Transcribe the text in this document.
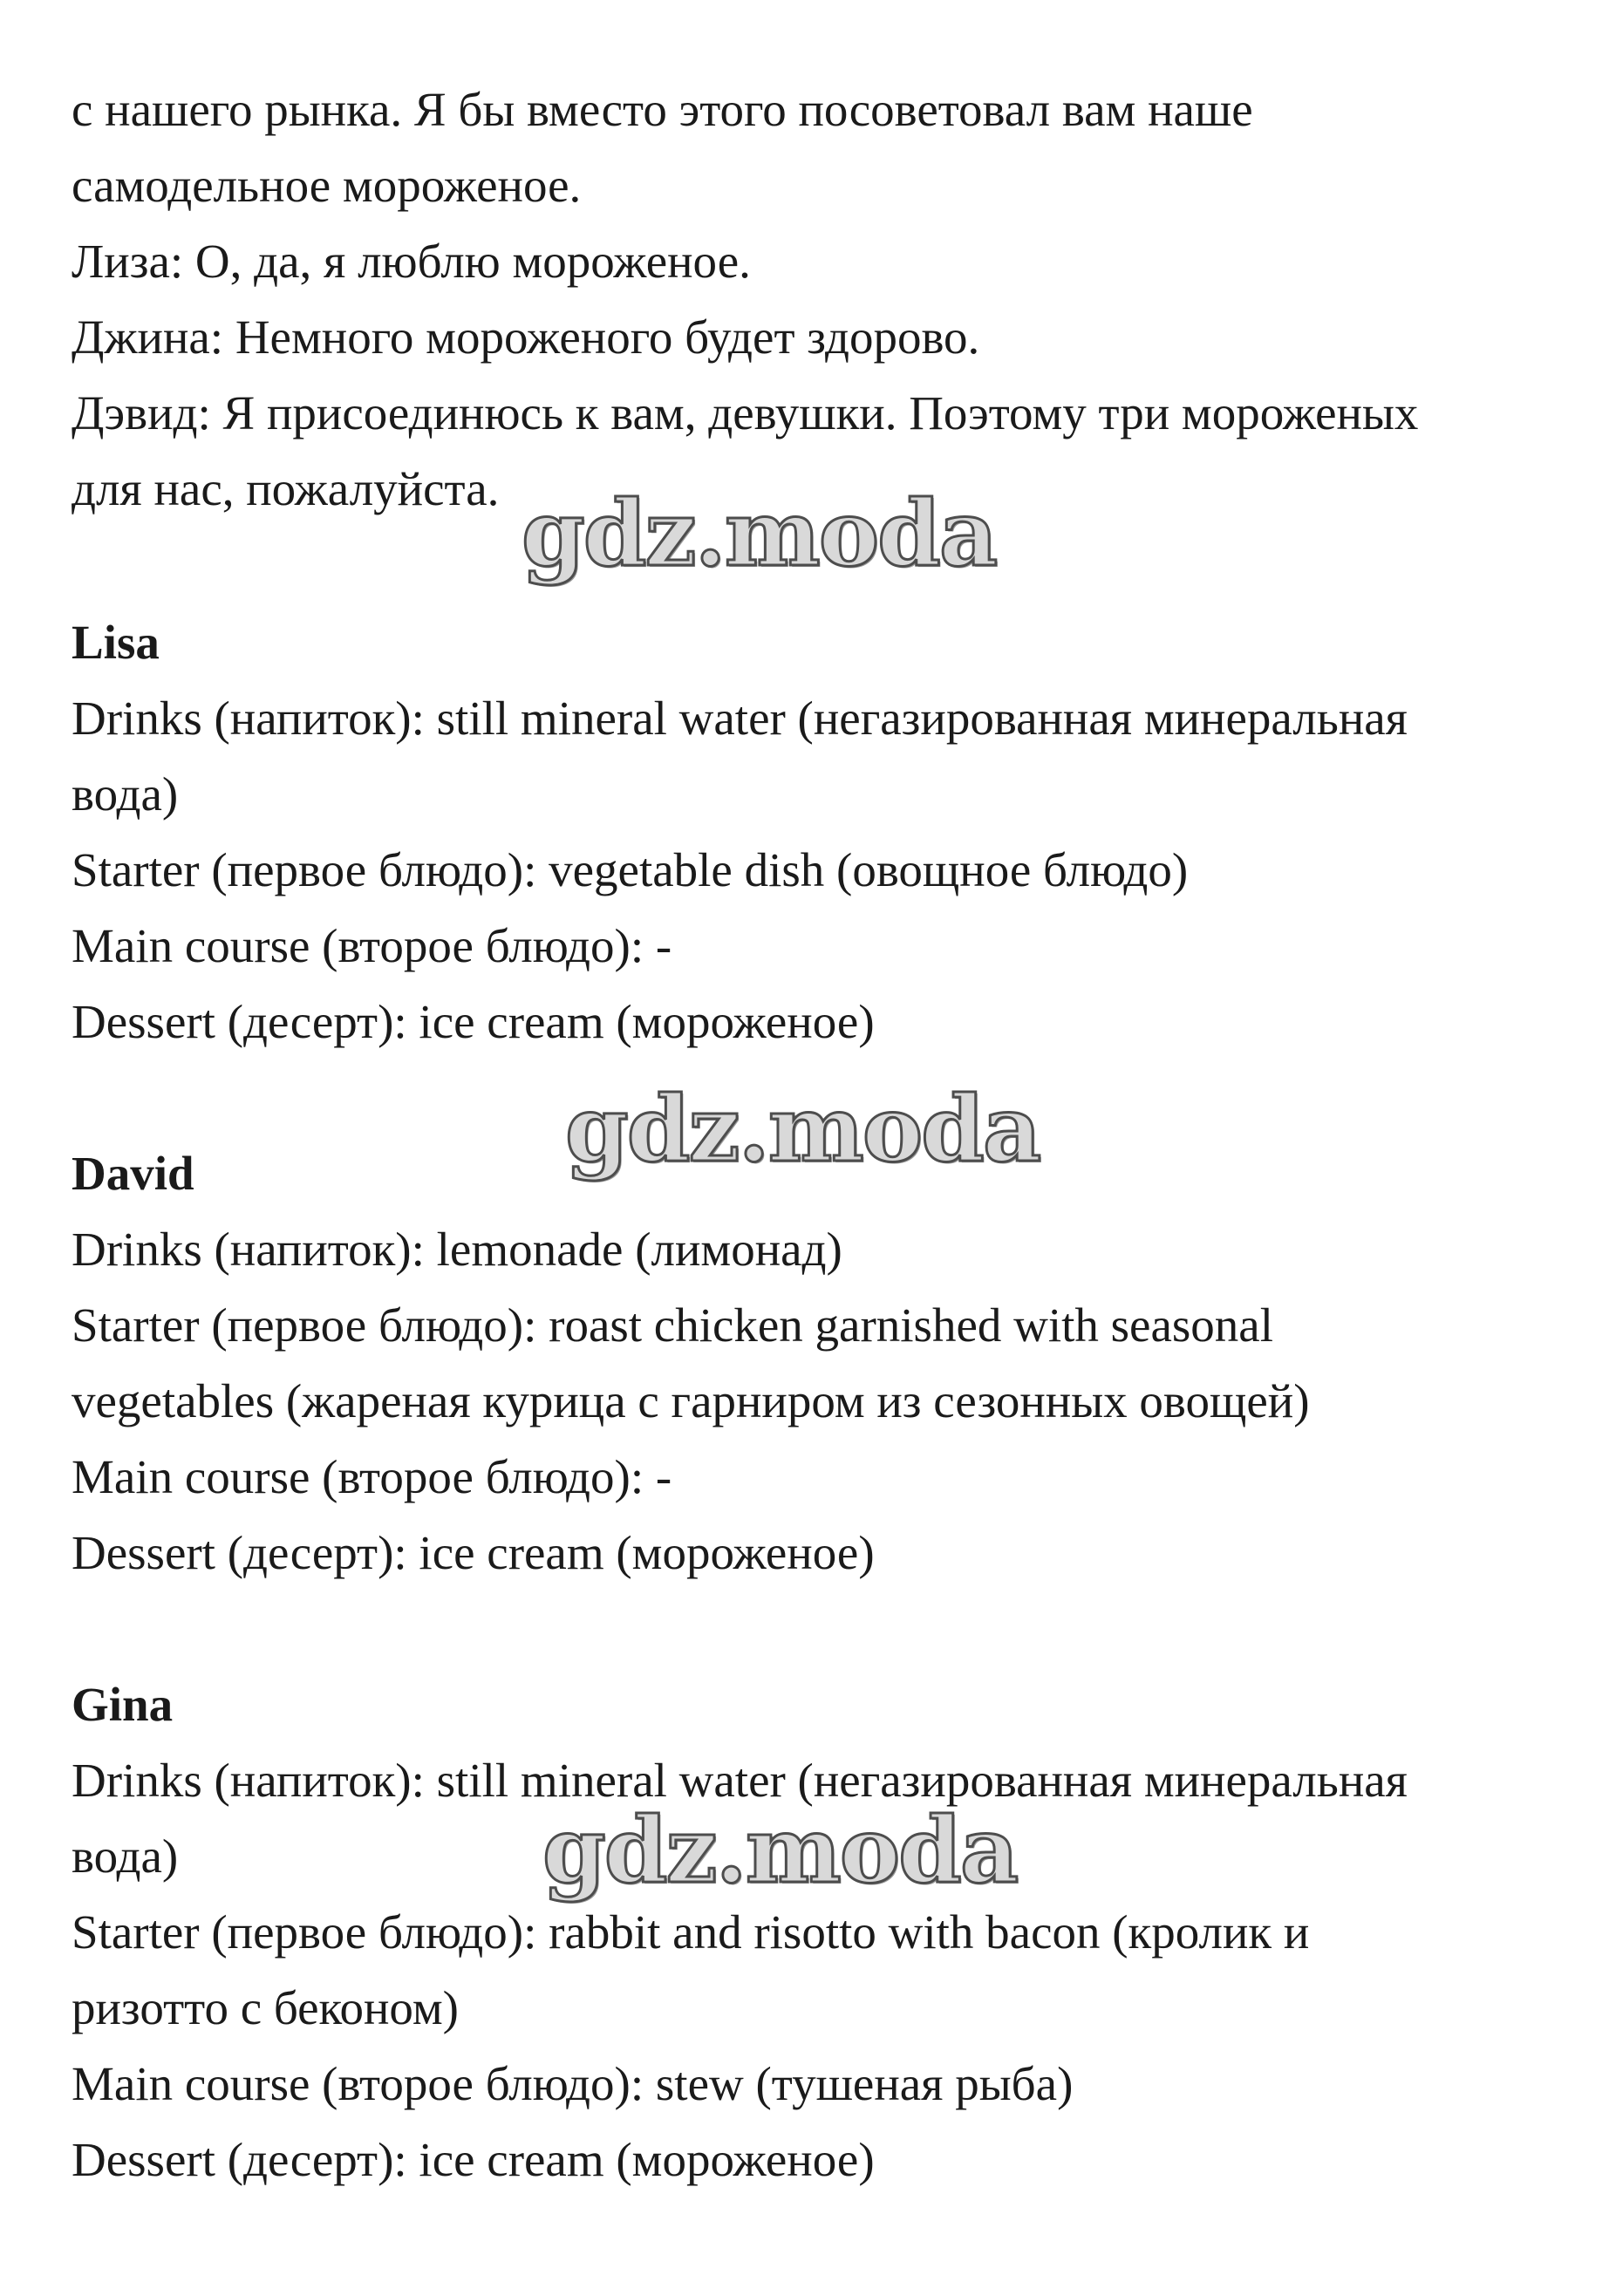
с нашего рынка. Я бы вместо этого посоветовал вам наше
самодельное мороженое.
Лиза: О, да, я люблю мороженое.
Джина: Немного мороженого будет здорово.
Дэвид: Я присоединюсь к вам, девушки. Поэтому три мороженых
для нас, пожалуйста. gdz.moda
Lisa
Drinks (напиток): still mineral water (негазированная минеральная
вода)
Starter (первое блюдо): vegetable dish (овощное блюдо)
Main course (второе блюдо): -
Dessert (десерт): ice cream (мороженое)
gdz.moda
David
Drinks (напиток): lemonade (лимонад)
Starter (первое блюдо): roast chicken garnished with seasonal
vegetables (жареная курица с гарниром из сезонных овощей)
Main course (второе блюдо): -
Dessert (десерт): ice cream (мороженое)
Gina
Drinks (напиток): still mineral water (негазированная минеральная
вода)	gdz.moda
Starter (первое блюдо): rabbit and risotto with bacon (кролик и
ризотто с беконом)
Main course (второе блюдо): stew (тушеная рыба)
Dessert (десерт): ice cream (мороженое)
